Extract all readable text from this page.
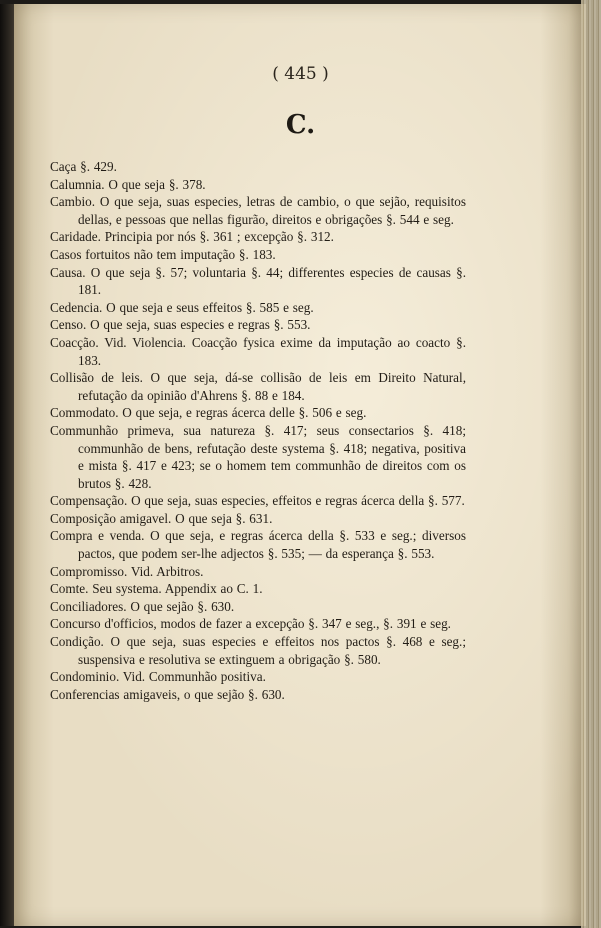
( 445 )
C.

Caça §. 429.

Calumnia. O que seja §. 378.

Cambio. O que seja, suas especies, letras de cambio, o que sejão, requisitos dellas, e pessoas que nellas figurão, direitos e obrigações §. 544 e seg.

Caridade. Principia por nós §. 361 ; excepção §. 312.

Casos fortuitos não tem imputação §. 183.

Causa. O que seja §. 57; voluntaria §. 44; differentes especies de causas §. 181.

Cedencia. O que seja e seus effeitos §. 585 e seg.

Censo. O que seja, suas especies e regras §. 553.

Coacção. Vid. Violencia. Coacção fysica exime da imputação ao coacto §. 183.

Collisão de leis. O que seja, dá-se collisão de leis em Direito Natural, refutação da opinião d'Ahrens §. 88 e 184.

Commodato. O que seja, e regras ácerca delle §. 506 e seg.

Communhão primeva, sua natureza §. 417; seus consectarios §. 418; communhão de bens, refutação deste systema §. 418; negativa, positiva e mista §. 417 e 423; se o homem tem communhão de direitos com os brutos §. 428.

Compensação. O que seja, suas especies, effeitos e regras ácerca della §. 577.

Composição amigavel. O que seja §. 631.

Compra e venda. O que seja, e regras ácerca della §. 533 e seg.; diversos pactos, que podem ser-lhe adjectos §. 535; — da esperança §. 553.

Compromisso. Vid. Arbitros.

Comte. Seu systema. Appendix ao C. 1.

Conciliadores. O que sejão §. 630.

Concurso d'officios, modos de fazer a excepção §. 347 e seg., §. 391 e seg.

Condição. O que seja, suas especies e effeitos nos pactos §. 468 e seg.; suspensiva e resolutiva se extinguem a obrigação §. 580.

Condominio. Vid. Communhão positiva.

Conferencias amigaveis, o que sejão §. 630.
